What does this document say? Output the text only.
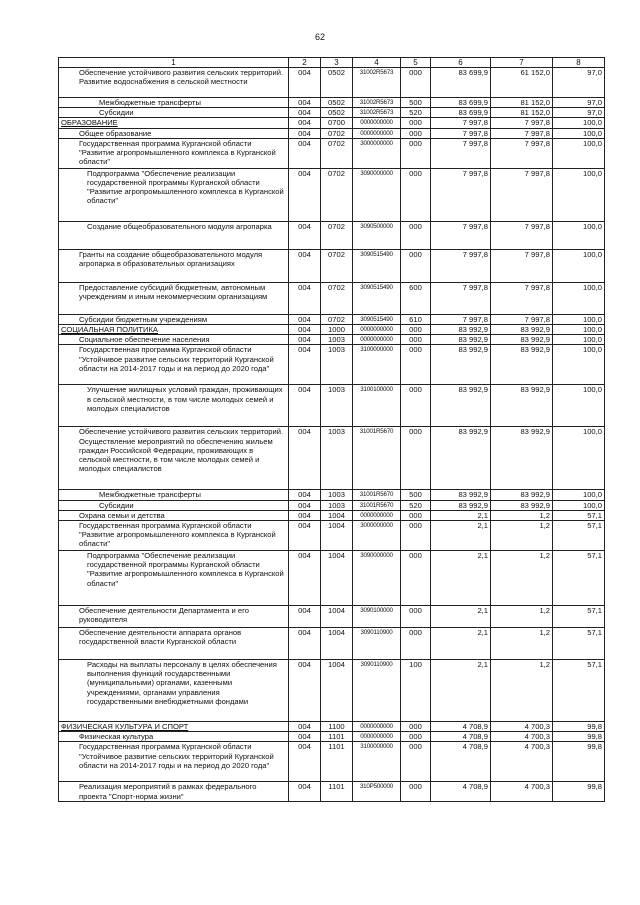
62
1	2	3	4	5	6	7	8
Обеспечение устойчивого развития сельских территорий. Развитие водоснабжения в сельской местности	004	0502	31002R5673	000	83 699,9	61 152,0	97,0
Межбюджетные трансферты	004	0502	31002R5673	500	83 699,9	81 152,0	97,0
Субсидии	004	0502	31002R5673	520	83 699,9	81 152,0	97,0
ОБРАЗОВАНИЕ	004	0700	0000000000	000	7 997,8	7 997,8	100,0
Общее образование	004	0702	0000000000	000	7 997,8	7 997,8	100,0
Государственная программа Курганской области "Развитие агропромышленного комплекса в Курганской области"	004	0702	3000000000	000	7 997,8	7 997,8	100,0
Подпрограмма "Обеспечение реализации государственной программы Курганской области "Развитие агропромышленного комплекса в Курганской области"	004	0702	3090000000	000	7 997,8	7 997,8	100,0
Создание общеобразовательного модуля агропарка	004	0702	3090500000	000	7 997,8	7 997,8	100,0
Гранты на создание общеобразовательного модуля агропарка в образовательных организациях	004	0702	3090515490	000	7 997,8	7 997,8	100,0
Предоставление субсидий бюджетным, автономным учреждениям и иным некоммерческим организациям	004	0702	3090515490	600	7 997,8	7 997,8	100,0
Субсидии бюджетным учреждениям	004	0702	3090515490	610	7 997,8	7 997,8	100,0
СОЦИАЛЬНАЯ ПОЛИТИКА	004	1000	0000000000	000	83 992,9	83 992,9	100,0
Социальное обеспечение населения	004	1003	0000000000	000	83 992,9	83 992,9	100,0
Государственная программа Курганской области "Устойчивое развитие сельских территорий Курганской области на 2014-2017 годы и на период до 2020 года"	004	1003	3100000000	000	83 992,9	83 992,9	100,0
Улучшение жилищных условий граждан, проживающих в сельской местности, в том числе молодых семей и молодых специалистов	004	1003	3100100000	000	83 992,9	83 992,9	100,0
Обеспечение устойчивого развития сельских территорий. Осуществление мероприятий по обеспечению жильем граждан Российской Федерации, проживающих в сельской местности, в том числе молодых семей и молодых специалистов	004	1003	31001R5670	000	83 992,9	83 992,9	100,0
Межбюджетные трансферты	004	1003	31001R5670	500	83 992,9	83 992,9	100,0
Субсидии	004	1003	31001R5670	520	83 992,9	83 992,9	100,0
Охрана семьи и детства	004	1004	0000000000	000	2,1	1,2	57,1
Государственная программа Курганской области "Развитие агропромышленного комплекса в Курганской области"	004	1004	3000000000	000	2,1	1,2	57,1
Подпрограмма "Обеспечение реализации государственной программы Курганской области "Развитие агропромышленного комплекса в Курганской области"	004	1004	3090000000	000	2,1	1,2	57,1
Обеспечение деятельности Департамента и его руководителя	004	1004	3090100000	000	2,1	1,2	57,1
Обеспечение деятельности аппарата органов государственной власти Курганской области	004	1004	3090110900	000	2,1	1,2	57,1
Расходы на выплаты персоналу в целях обеспечения выполнения функций государственными (муниципальными) органами, казенными учреждениями, органами управления государственными внебюджетными фондами	004	1004	3090110900	100	2,1	1,2	57,1
ФИЗИЧЕСКАЯ КУЛЬТУРА И СПОРТ	004	1100	0000000000	000	4 708,9	4 700,3	99,8
Физическая культура	004	1101	0000000000	000	4 708,9	4 700,3	99,8
Государственная программа Курганской области "Устойчивое развитие сельских территорий Курганской области на 2014-2017 годы и на период до 2020 года"	004	1101	3100000000	000	4 708,9	4 700,3	99,8
Реализация мероприятий в рамках федерального проекта "Спорт-норма жизни"	004	1101	310P500000	000	4 708,9	4 700,3	99,8
